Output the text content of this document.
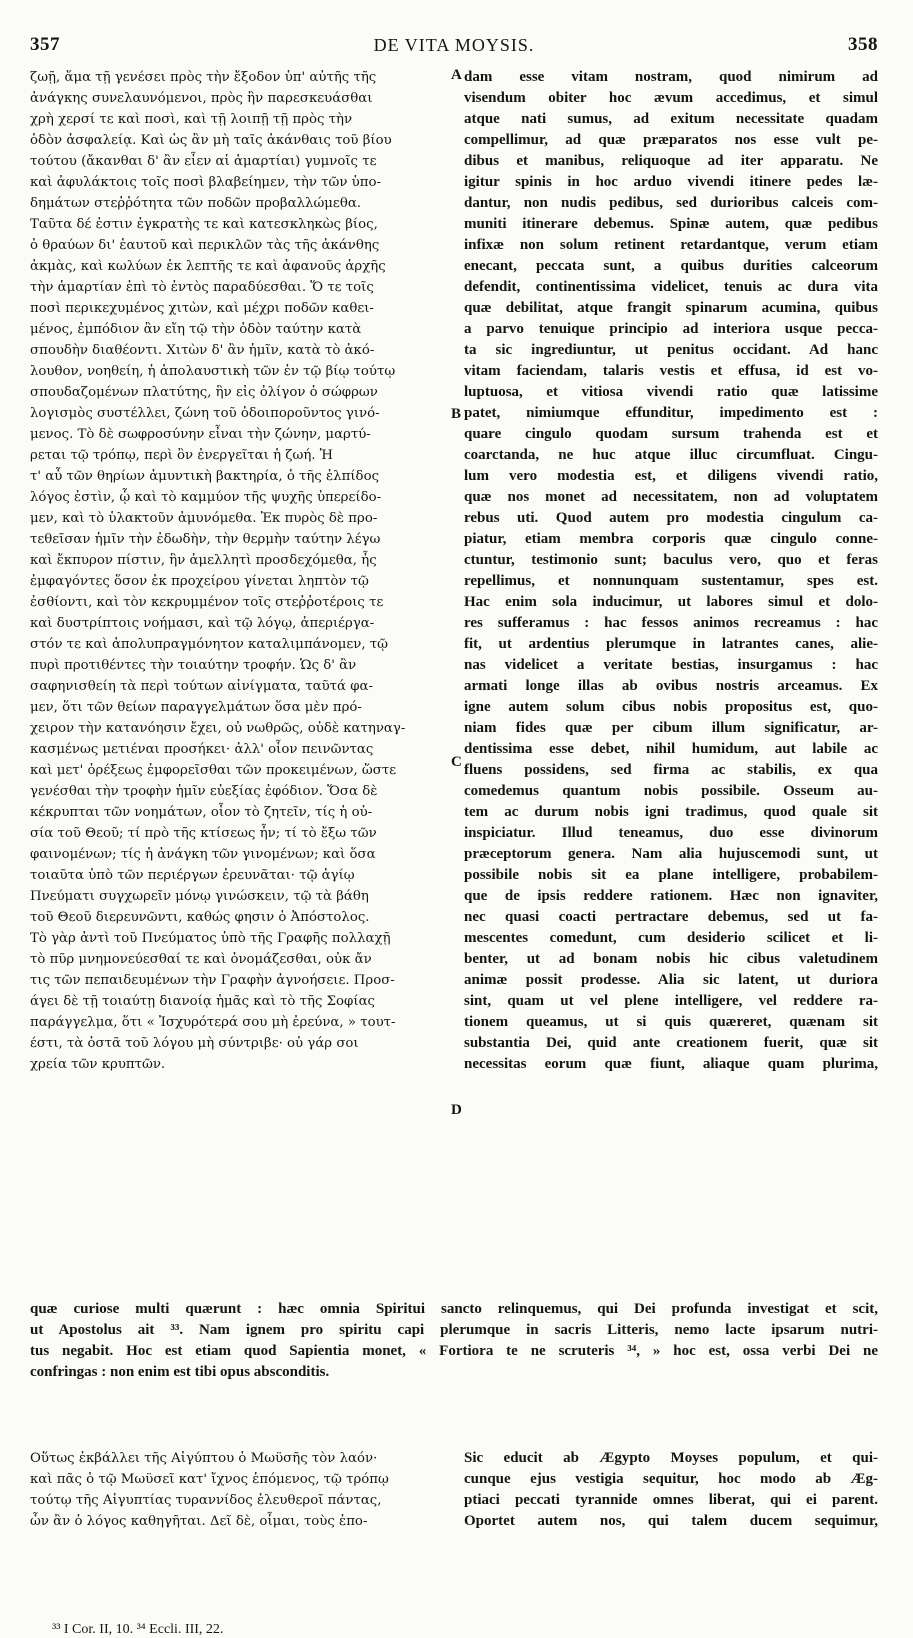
357	DE VITA MOYSIS.	358
ζωῇ, ἅμα τῇ γενέσει πρὸς τὴν ἔξοδον ὑπ' αὐτῆς τῆς
ἀνάγκης συνελαυνόμενοι, πρὸς ἣν παρεσκευάσθαι
χρὴ χερσί τε καὶ ποσὶ, καὶ τῇ λοιπῇ τῇ πρὸς τὴν
ὁδὸν ἀσφαλείᾳ. Καὶ ὡς ἂν μὴ ταῖς ἀκάνθαις τοῦ βίου
τούτου (ἄκανθαι δ' ἂν εἶεν αἱ ἁμαρτίαι) γυμνοῖς τε
καὶ ἀφυλάκτοις τοῖς ποσὶ βλαβείημεν, τὴν τῶν ὑπο-
δημάτων στεῤῥότητα τῶν ποδῶν προβαλλώμεθα.
Ταῦτα δέ ἐστιν ἐγκρατὴς τε καὶ κατεσκληκὼς βίος,
ὁ θραύων δι' ἑαυτοῦ καὶ περικλῶν τὰς τῆς ἀκάνθης
ἀκμὰς, καὶ κωλύων ἐκ λεπτῆς τε καὶ ἀφανοῦς ἀρχῆς
τὴν ἁμαρτίαν ἐπὶ τὸ ἐντὸς παραδύεσθαι. Ὅ τε τοῖς
ποσὶ περικεχυμένος χιτὼν, καὶ μέχρι ποδῶν καθει-
μένος, ἐμπόδιον ἂν εἴη τῷ τὴν ὁδὸν ταύτην κατὰ
σπουδὴν διαθέοντι. Χιτὼν δ' ἂν ἡμῖν, κατὰ τὸ ἀκό-
λουθον, νοηθείη, ἡ ἀπολαυστικὴ τῶν ἐν τῷ βίῳ τούτῳ
σπουδαζομένων πλατύτης, ἣν εἰς ὀλίγον ὁ σώφρων
λογισμὸς συστέλλει, ζώνη τοῦ ὁδοιποροῦντος γινό-
μενος. Τὸ δὲ σωφροσύνην εἶναι τὴν ζώνην, μαρτύ-
ρεται τῷ τρόπῳ, περὶ ὃν ἐνεργεῖται ἡ ζωή. Ἡ
τ' αὖ τῶν θηρίων ἀμυντικὴ βακτηρία, ὁ τῆς ἐλπίδος
λόγος ἐστὶν, ᾧ καὶ τὸ καμμύον τῆς ψυχῆς ὑπερείδο-
μεν, καὶ τὸ ὑλακτοῦν ἀμυνόμεθα. Ἐκ πυρὸς δὲ προ-
τεθεῖσαν ἡμῖν τὴν ἐδωδὴν, τὴν θερμὴν ταύτην λέγω
καὶ ἔκπυρον πίστιν, ἣν ἀμελλητὶ προσδεχόμεθα, ἧς
ἐμφαγόντες ὅσον ἐκ προχείρου γίνεται ληπτὸν τῷ
ἐσθίοντι, καὶ τὸν κεκρυμμένον τοῖς στεῤῥοτέροις τε
καὶ δυστρίπτοις νοήμασι, καὶ τῷ λόγῳ, ἀπεριέργα-
στόν τε καὶ ἀπολυπραγμόνητον καταλιμπάνομεν, τῷ
πυρὶ προτιθέντες τὴν τοιαύτην τροφήν. Ὡς δ' ἂν
σαφηνισθείη τὰ περὶ τούτων αἰνίγματα, ταῦτά φα-
μεν, ὅτι τῶν θείων παραγγελμάτων ὅσα μὲν πρό-
χειρον τὴν κατανόησιν ἔχει, οὐ νωθρῶς, οὐδὲ κατηναγ-
κασμένως μετιέναι προσήκει· ἀλλ' οἷον πεινῶντας
καὶ μετ' ὀρέξεως ἐμφορεῖσθαι τῶν προκειμένων, ὥστε
γενέσθαι τὴν τροφὴν ἡμῖν εὐεξίας ἐφόδιον. Ὅσα δὲ
κέκρυπται τῶν νοημάτων, οἷον τὸ ζητεῖν, τίς ἡ οὐ-
σία τοῦ Θεοῦ; τί πρὸ τῆς κτίσεως ἦν; τί τὸ ἔξω τῶν
φαινομένων; τίς ἡ ἀνάγκη τῶν γινομένων; καὶ ὅσα
τοιαῦτα ὑπὸ τῶν περιέργων ἐρευνᾶται· τῷ ἁγίῳ
Πνεύματι συγχωρεῖν μόνῳ γινώσκειν, τῷ τὰ βάθη
τοῦ Θεοῦ διερευνῶντι, καθώς φησιν ὁ Ἀπόστολος.
Τὸ γὰρ ἀντὶ τοῦ Πνεύματος ὑπὸ τῆς Γραφῆς πολλαχῇ
τὸ πῦρ μνημονεύεσθαί τε καὶ ὀνομάζεσθαι, οὐκ ἄν
τις τῶν πεπαιδευμένων τὴν Γραφὴν ἀγνοήσειε. Προσ-
άγει δὲ τῇ τοιαύτῃ διανοίᾳ ἡμᾶς καὶ τὸ τῆς Σοφίας
παράγγελμα, ὅτι « Ἰσχυρότερά σου μὴ ἐρεύνα, » τουτ-
έστι, τὰ ὀστᾶ τοῦ λόγου μὴ σύντριβε· οὐ γάρ σοι
χρεία τῶν κρυπτῶν.
dam esse vitam nostram, quod nimirum ad
visendum obiter hoc ævum accedimus, et simul
atque nati sumus, ad exitum necessitate quadam
compellimur, ad quæ præparatos nos esse vult pe-
dibus et manibus, reliquoque ad iter apparatu. Ne
igitur spinis in hoc arduo vivendi itinere pedes læ-
dantur, non nudis pedibus, sed durioribus calceis com-
muniti itinerare debemus. Spinæ autem, quæ pedibus
infixæ non solum retinent retardantque, verum etiam
enecant, peccata sunt, a quibus durities calceorum
defendit, continentissima videlicet, tenuis ac dura vita
quæ debilitat, atque frangit spinarum acumina, quibus
a parvo tenuique principio ad interiora usque pecca-
ta sic ingrediuntur, ut penitus occidant. Ad hanc
vitam faciendam, talaris vestis et effusa, id est vo-
luptuosa, et vitiosa vivendi ratio quæ latissime
patet, nimiumque effunditur, impedimento est :
quare cingulo quodam sursum trahenda est et
coarctanda, ne huc atque illuc circumfluat. Cingu-
lum vero modestia est, et diligens vivendi ratio,
quæ nos monet ad necessitatem, non ad voluptatem
rebus uti. Quod autem pro modestia cingulum ca-
piatur, etiam membra corporis quæ cingulo conne-
ctuntur, testimonio sunt; baculus vero, quo et feras
repellimus, et nonnunquam sustentamur, spes est.
Hac enim sola inducimur, ut labores simul et dolo-
res sufferamus : hac fessos animos recreamus : hac
fit, ut ardentius plerumque in latrantes canes, alie-
nas videlicet a veritate bestias, insurgamus : hac
armati longe illas ab ovibus nostris arceamus. Ex
igne autem solum cibus nobis propositus est, quo-
niam fides quæ per cibum illum significatur, ar-
dentissima esse debet, nihil humidum, aut labile ac
fluens possidens, sed firma ac stabilis, ex qua
comedemus quantum nobis possibile. Osseum au-
tem ac durum nobis igni tradimus, quod quale sit
inspiciatur. Illud teneamus, duo esse divinorum
præceptorum genera. Nam alia hujuscemodi sunt, ut
possibile nobis sit ea plane intelligere, probabilem-
que de ipsis reddere rationem. Hæc non ignaviter,
nec quasi coacti pertractare debemus, sed ut fa-
mescentes comedunt, cum desiderio scilicet et li-
benter, ut ad bonam nobis hic cibus valetudinem
animæ possit prodesse. Alia sic latent, ut duriora
sint, quam ut vel plene intelligere, vel reddere ra-
tionem queamus, ut si quis quæreret, quænam sit
substantia Dei, quid ante creationem fuerit, quæ sit
necessitas eorum quæ fiunt, aliaque quam plurima,
A
B
C
D
quæ curiose multi quærunt : hæc omnia Spiritui sancto relinquemus, qui Dei profunda investigat et scit,
ut Apostolus ait ³³. Nam ignem pro spiritu capi plerumque in sacris Litteris, nemo lacte ipsarum nutri-
tus negabit. Hoc est etiam quod Sapientia monet, « Fortiora te ne scruteris ³⁴, » hoc est, ossa verbi Dei ne
confringas : non enim est tibi opus absconditis.
Οὕτως ἐκβάλλει τῆς Αἰγύπτου ὁ Μωϋσῆς τὸν λαόν·
καὶ πᾶς ὁ τῷ Μωϋσεῖ κατ' ἴχνος ἑπόμενος, τῷ τρόπῳ
τούτῳ τῆς Αἰγυπτίας τυραννίδος ἐλευθεροῖ πάντας,
ὧν ἂν ὁ λόγος καθηγῆται. Δεῖ δὲ, οἶμαι, τοὺς ἑπο-
Sic educit ab Ægypto Moyses populum, et qui-
cunque ejus vestigia sequitur, hoc modo ab Æg-
ptiaci peccati tyrannide omnes liberat, qui ei parent.
Oportet autem nos, qui talem ducem sequimur,
³³ I Cor. II, 10. ³⁴ Eccli. III, 22.
